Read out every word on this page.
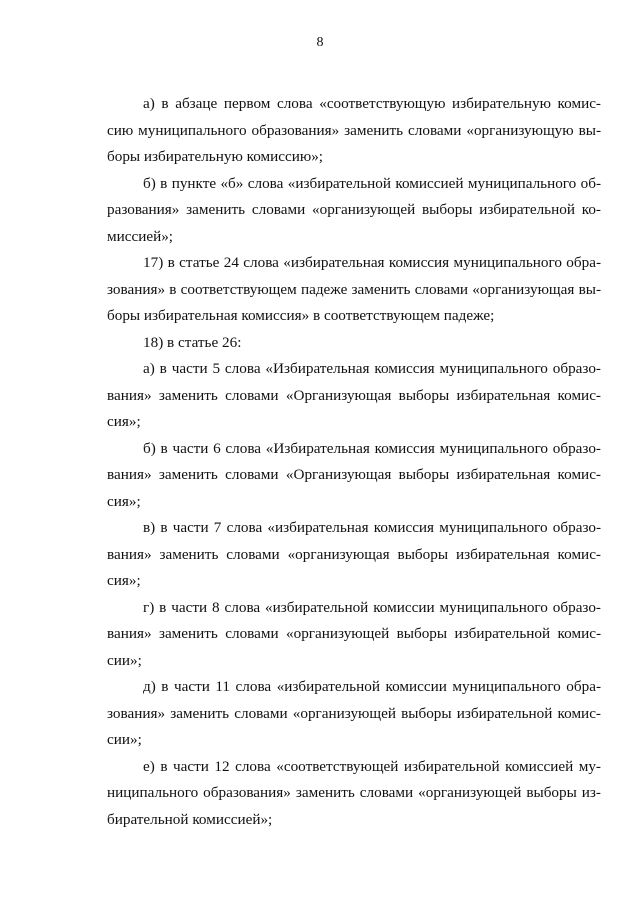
8

а) в абзаце первом слова «соответствующую избирательную комис-
сию муниципального образования» заменить словами «организующую вы-
боры избирательную комиссию»;

б) в пункте «б» слова «избирательной комиссией муниципального об-
разования» заменить словами «организующей выборы избирательной ко-
миссией»;

17) в статье 24 слова «избирательная комиссия муниципального обра-
зования» в соответствующем падеже заменить словами «организующая вы-
боры избирательная комиссия» в соответствующем падеже;

18) в статье 26:

а) в части 5 слова «Избирательная комиссия муниципального образо-
вания» заменить словами «Организующая выборы избирательная комис-
сия»;

б) в части 6 слова «Избирательная комиссия муниципального образо-
вания» заменить словами «Организующая выборы избирательная комис-
сия»;

в) в части 7 слова «избирательная комиссия муниципального образо-
вания» заменить словами «организующая выборы избирательная комис-
сия»;

г) в части 8 слова «избирательной комиссии муниципального образо-
вания» заменить словами «организующей выборы избирательной комис-
сии»;

д) в части 11 слова «избирательной комиссии муниципального обра-
зования» заменить словами «организующей выборы избирательной комис-
сии»;

е) в части 12 слова «соответствующей избирательной комиссией му-
ниципального образования» заменить словами «организующей выборы из-
бирательной комиссией»;
